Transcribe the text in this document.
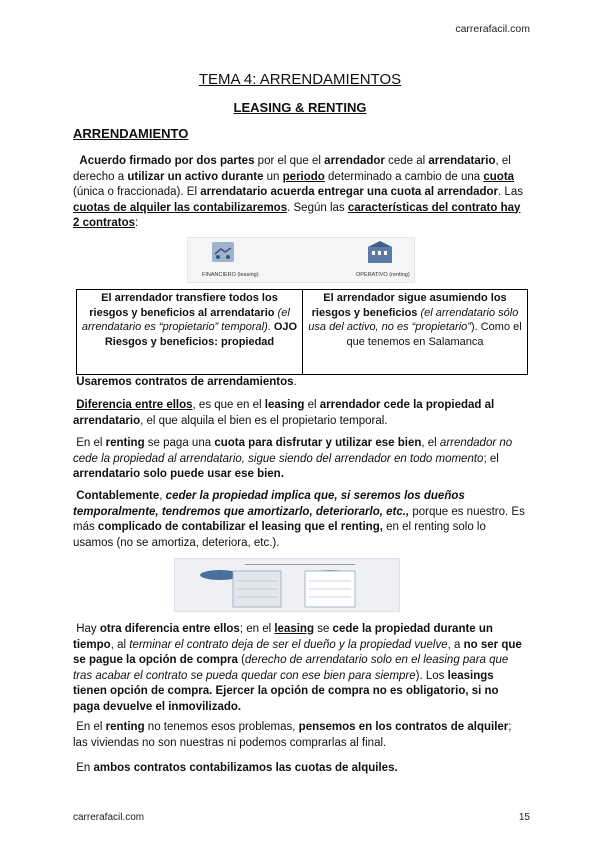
carrerafacil.com
TEMA 4: ARRENDAMIENTOS
LEASING & RENTING
ARRENDAMIENTO

Acuerdo firmado por dos partes por el que el arrendador cede al arrendatario, el derecho a utilizar un activo durante un periodo determinado a cambio de una cuota (única o fraccionada). El arrendatario acuerda entregar una cuota al arrendador. Las cuotas de alquiler las contabilizaremos. Según las características del contrato hay 2 contratos:

FINANCIERO (leasing)	OPERATIVO (renting)
El arrendador transfiere todos los riesgos y beneficios al arrendatario (el arrendatario es “propietario” temporal). OJO Riesgos y beneficios: propiedad
El arrendador sigue asumiendo los riesgos y beneficios (el arrendatario sólo usa del activo, no es “propietario”). Como el que tenemos en Salamanca

Usaremos contratos de arrendamientos.

Diferencia entre ellos, es que en el leasing el arrendador cede la propiedad al arrendatario, el que alquila el bien es el propietario temporal.

En el renting se paga una cuota para disfrutar y utilizar ese bien, el arrendador no cede la propiedad al arrendatario, sigue siendo del arrendador en todo momento; el arrendatario solo puede usar ese bien.

Contablemente, ceder la propiedad implica que, si seremos los dueños temporalmente, tendremos que amortizarlo, deteriorarlo, etc., porque es nuestro. Es más complicado de contabilizar el leasing que el renting, en el renting solo lo usamos (no se amortiza, deteriora, etc.).

Hay otra diferencia entre ellos; en el leasing se cede la propiedad durante un tiempo, al terminar el contrato deja de ser el dueño y la propiedad vuelve, a no ser que se pague la opción de compra (derecho de arrendatario solo en el leasing para que tras acabar el contrato se pueda quedar con ese bien para siempre). Los leasings tienen opción de compra. Ejercer la opción de compra no es obligatorio, si no paga devuelve el inmovilizado.

En el renting no tenemos esos problemas, pensemos en los contratos de alquiler; las viviendas no son nuestras ni podemos comprarlas al final.

En ambos contratos contabilizamos las cuotas de alquiles.

carrerafacil.com	15
